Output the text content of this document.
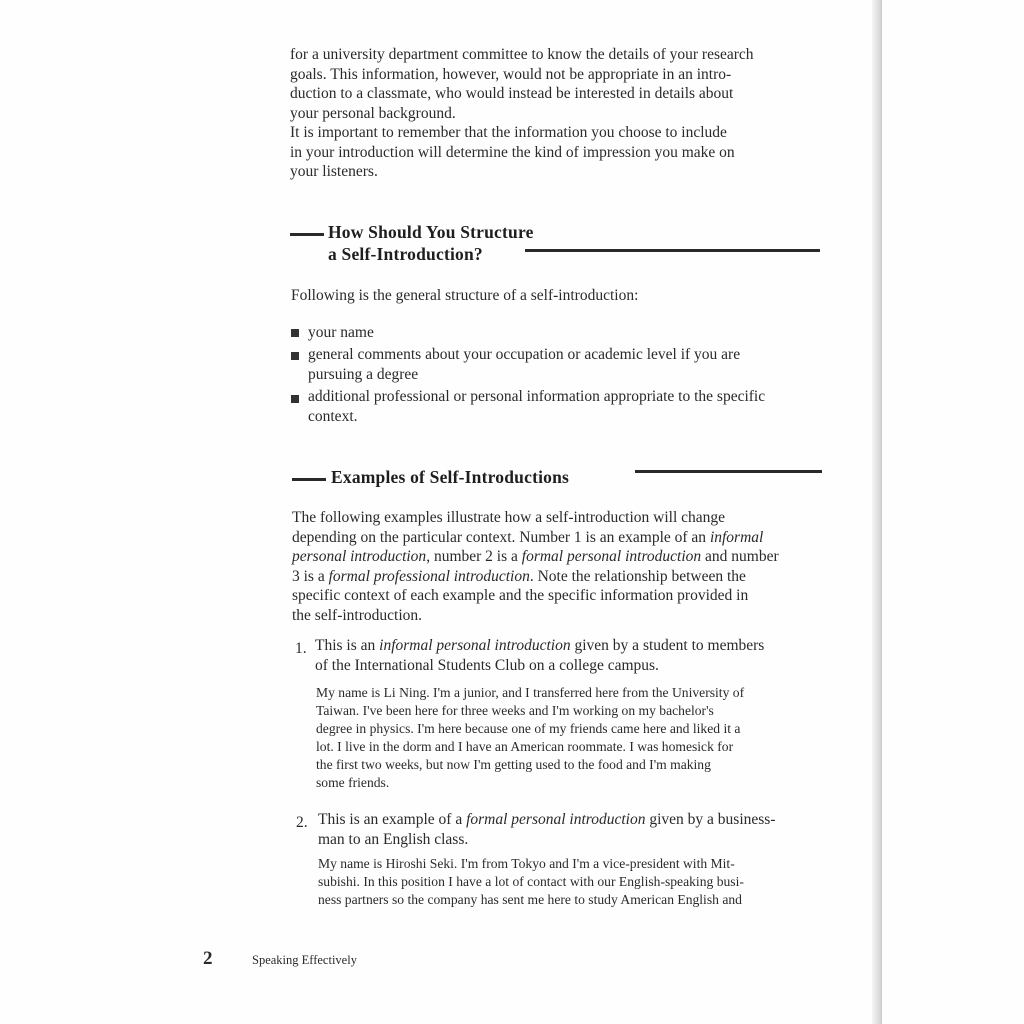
for a university department committee to know the details of your research
goals. This information, however, would not be appropriate in an intro-
duction to a classmate, who would instead be interested in details about
your personal background.
It is important to remember that the information you choose to include
in your introduction will determine the kind of impression you make on
your listeners.
How Should You Structure
a Self-Introduction?
Following is the general structure of a self-introduction:
your name
general comments about your occupation or academic level if you are
pursuing a degree
additional professional or personal information appropriate to the specific
context.
Examples of Self-Introductions
The following examples illustrate how a self-introduction will change
depending on the particular context. Number 1 is an example of an informal
personal introduction, number 2 is a formal personal introduction and number
3 is a formal professional introduction. Note the relationship between the
specific context of each example and the specific information provided in
the self-introduction.
1. This is an informal personal introduction given by a student to members
of the International Students Club on a college campus.
My name is Li Ning. I'm a junior, and I transferred here from the University of
Taiwan. I've been here for three weeks and I'm working on my bachelor's
degree in physics. I'm here because one of my friends came here and liked it a
lot. I live in the dorm and I have an American roommate. I was homesick for
the first two weeks, but now I'm getting used to the food and I'm making
some friends.
2. This is an example of a formal personal introduction given by a business-
man to an English class.
My name is Hiroshi Seki. I'm from Tokyo and I'm a vice-president with Mit-
subishi. In this position I have a lot of contact with our English-speaking busi-
ness partners so the company has sent me here to study American English and
2	Speaking Effectively
